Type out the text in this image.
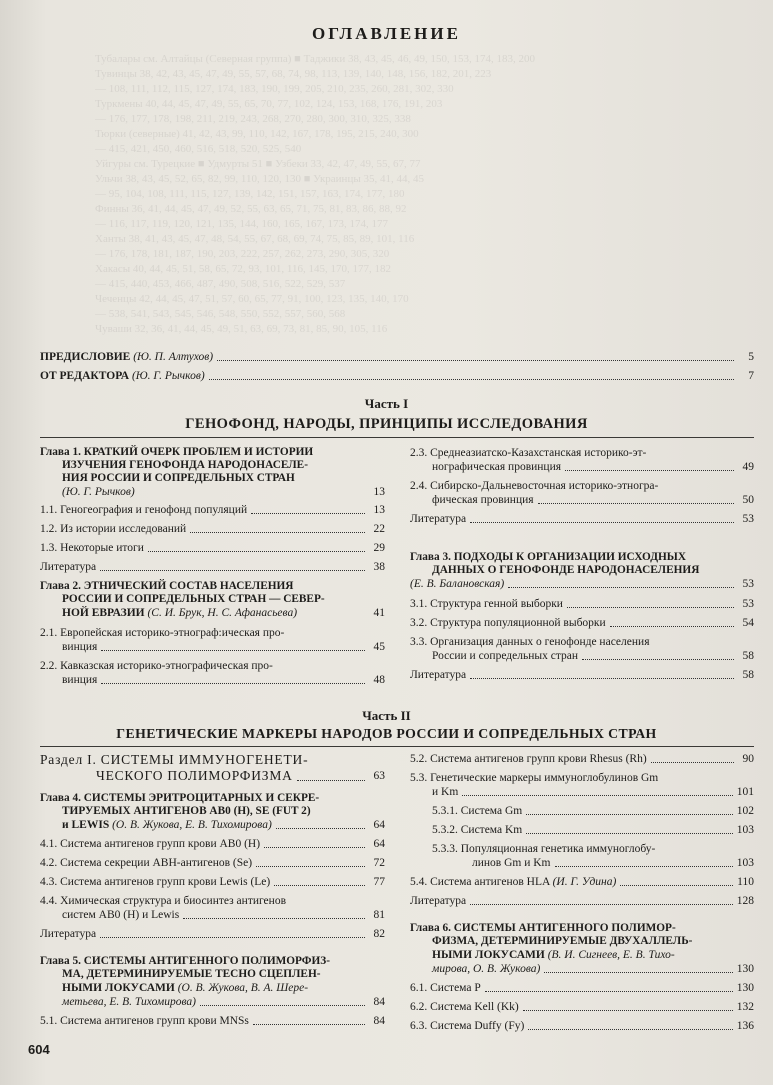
Тубалары см. Алтайцы (Северная группа) ■ Таджики 38, 43, 45, 46, 49, 150, 153, 174, 183, 200
Тувинцы 38, 42, 43, 45, 47, 49, 55, 57, 68, 74, 98, 113, 139, 140, 148, 156, 182, 201, 223
— 108, 111, 112, 115, 127, 174, 183, 190, 199, 205, 210, 235, 260, 281, 302, 330
Туркмены 40, 44, 45, 47, 49, 55, 65, 70, 77, 102, 124, 153, 168, 176, 191, 203
— 176, 177, 178, 198, 211, 219, 243, 268, 270, 280, 300, 310, 325, 338
Тюрки (северные) 41, 42, 43, 99, 110, 142, 167, 178, 195, 215, 240, 300
— 415, 421, 450, 460, 516, 518, 520, 525, 540
Уйгуры см. Турецкие ■ Удмурты 51 ■ Узбеки 33, 42, 47, 49, 55, 67, 77
Ульчи 38, 43, 45, 52, 65, 82, 99, 110, 120, 130 ■ Украинцы 35, 41, 44, 45
— 95, 104, 108, 111, 115, 127, 139, 142, 151, 157, 163, 174, 177, 180
Финны 36, 41, 44, 45, 47, 49, 52, 55, 63, 65, 71, 75, 81, 83, 86, 88, 92
— 116, 117, 119, 120, 121, 135, 144, 160, 165, 167, 173, 174, 177
Ханты 38, 41, 43, 45, 47, 48, 54, 55, 67, 68, 69, 74, 75, 85, 89, 101, 116
— 176, 178, 181, 187, 190, 203, 222, 257, 262, 273, 290, 305, 320
Хакасы 40, 44, 45, 51, 58, 65, 72, 93, 101, 116, 145, 170, 177, 182
— 415, 440, 453, 466, 487, 490, 508, 516, 522, 529, 537
Чеченцы 42, 44, 45, 47, 51, 57, 60, 65, 77, 91, 100, 123, 135, 140, 170
— 538, 541, 543, 545, 546, 548, 550, 552, 557, 560, 568
Чуваши 32, 36, 41, 44, 45, 49, 51, 63, 69, 73, 81, 85, 90, 105, 116
ОГЛАВЛЕНИЕ
ПРЕДИСЛОВИЕ (Ю. П. Алтухов)	5
ОТ РЕДАКТОРА (Ю. Г. Рычков)	7
Часть I
ГЕНОФОНД, НАРОДЫ, ПРИНЦИПЫ ИССЛЕДОВАНИЯ
Глава 1. КРАТКИЙ ОЧЕРК ПРОБЛЕМ И ИСТОРИИ
ИЗУЧЕНИЯ ГЕНОФОНДА НАРОДОНАСЕЛЕ-
НИЯ РОССИИ И СОПРЕДЕЛЬНЫХ СТРАН
(Ю. Г. Рычков)	13
1.1. Геногеография и генофонд популяций	13
1.2. Из истории исследований	22
1.3. Некоторые итоги	29
Литература	38
Глава 2. ЭТНИЧЕСКИЙ СОСТАВ НАСЕЛЕНИЯ
РОССИИ И СОПРЕДЕЛЬНЫХ СТРАН — СЕВЕР-
НОЙ ЕВРАЗИИ (С. И. Брук, Н. С. Афанасьева)	41
2.1. Европейская историко-этнограф:ическая про-
винция	45
2.2. Кавказская историко-этнографическая про-
винция	48
2.3. Среднеазиатско-Казахстанская историко-эт-
нографическая провинция	49
2.4. Сибирско-Дальневосточная историко-этногра-
фическая провинция	50
Литература	53
Глава 3. ПОДХОДЫ К ОРГАНИЗАЦИИ ИСХОДНЫХ
ДАННЫХ О ГЕНОФОНДЕ НАРОДОНАСЕЛЕНИЯ
(Е. В. Балановская)	53
3.1. Структура генной выборки	53
3.2. Структура популяционной выборки	54
3.3. Организация данных о генофонде населения
России и сопредельных стран	58
Литература	58
Часть II
ГЕНЕТИЧЕСКИЕ МАРКЕРЫ НАРОДОВ РОССИИ И СОПРЕДЕЛЬНЫХ СТРАН
Раздел I. СИСТЕМЫ ИММУНОГЕНЕТИ-
ЧЕСКОГО ПОЛИМОРФИЗМА	63
Глава 4. СИСТЕМЫ ЭРИТРОЦИТАРНЫХ И СЕКРЕ-
ТИРУЕМЫХ АНТИГЕНОВ АВ0 (Н), SE (FUT 2)
и LEWIS (О. В. Жукова, Е. В. Тихомирова)	64
4.1. Система антигенов групп крови АВ0 (Н)	64
4.2. Система секреции АВН-антигенов (Se)	72
4.3. Система антигенов групп крови Lewis (Le)	77
4.4. Химическая структура и биосинтез антигенов
систем АВ0 (Н) и Lewis	81
Литература	82
Глава 5. СИСТЕМЫ АНТИГЕННОГО ПОЛИМОРФИЗ-
МА, ДЕТЕРМИНИРУЕМЫЕ ТЕСНО СЦЕПЛЕН-
НЫМИ ЛОКУСАМИ (О. В. Жукова, В. А. Шере-
метьева, Е. В. Тихомирова)	84
5.1. Система антигенов групп крови MNSs	84
5.2. Система антигенов групп крови Rhesus (Rh)	90
5.3. Генетические маркеры иммуноглобулинов Gm
и Km	101
5.3.1. Система Gm	102
5.3.2. Система Km	103
5.3.3. Популяционная генетика иммуноглобу-
линов Gm и Km	103
5.4. Система антигенов HLA (И. Г. Удина)	110
Литература	128
Глава 6. СИСТЕМЫ АНТИГЕННОГО ПОЛИМОР-
ФИЗМА, ДЕТЕРМИНИРУЕМЫЕ ДВУХАЛЛЕЛЬ-
НЫМИ ЛОКУСАМИ (В. И. Сигнеев, Е. В. Тихо-
мирова, О. В. Жукова)	130
6.1. Система P	130
6.2. Система Kell (Kk)	132
6.3. Система Duffy (Fy)	136
604
